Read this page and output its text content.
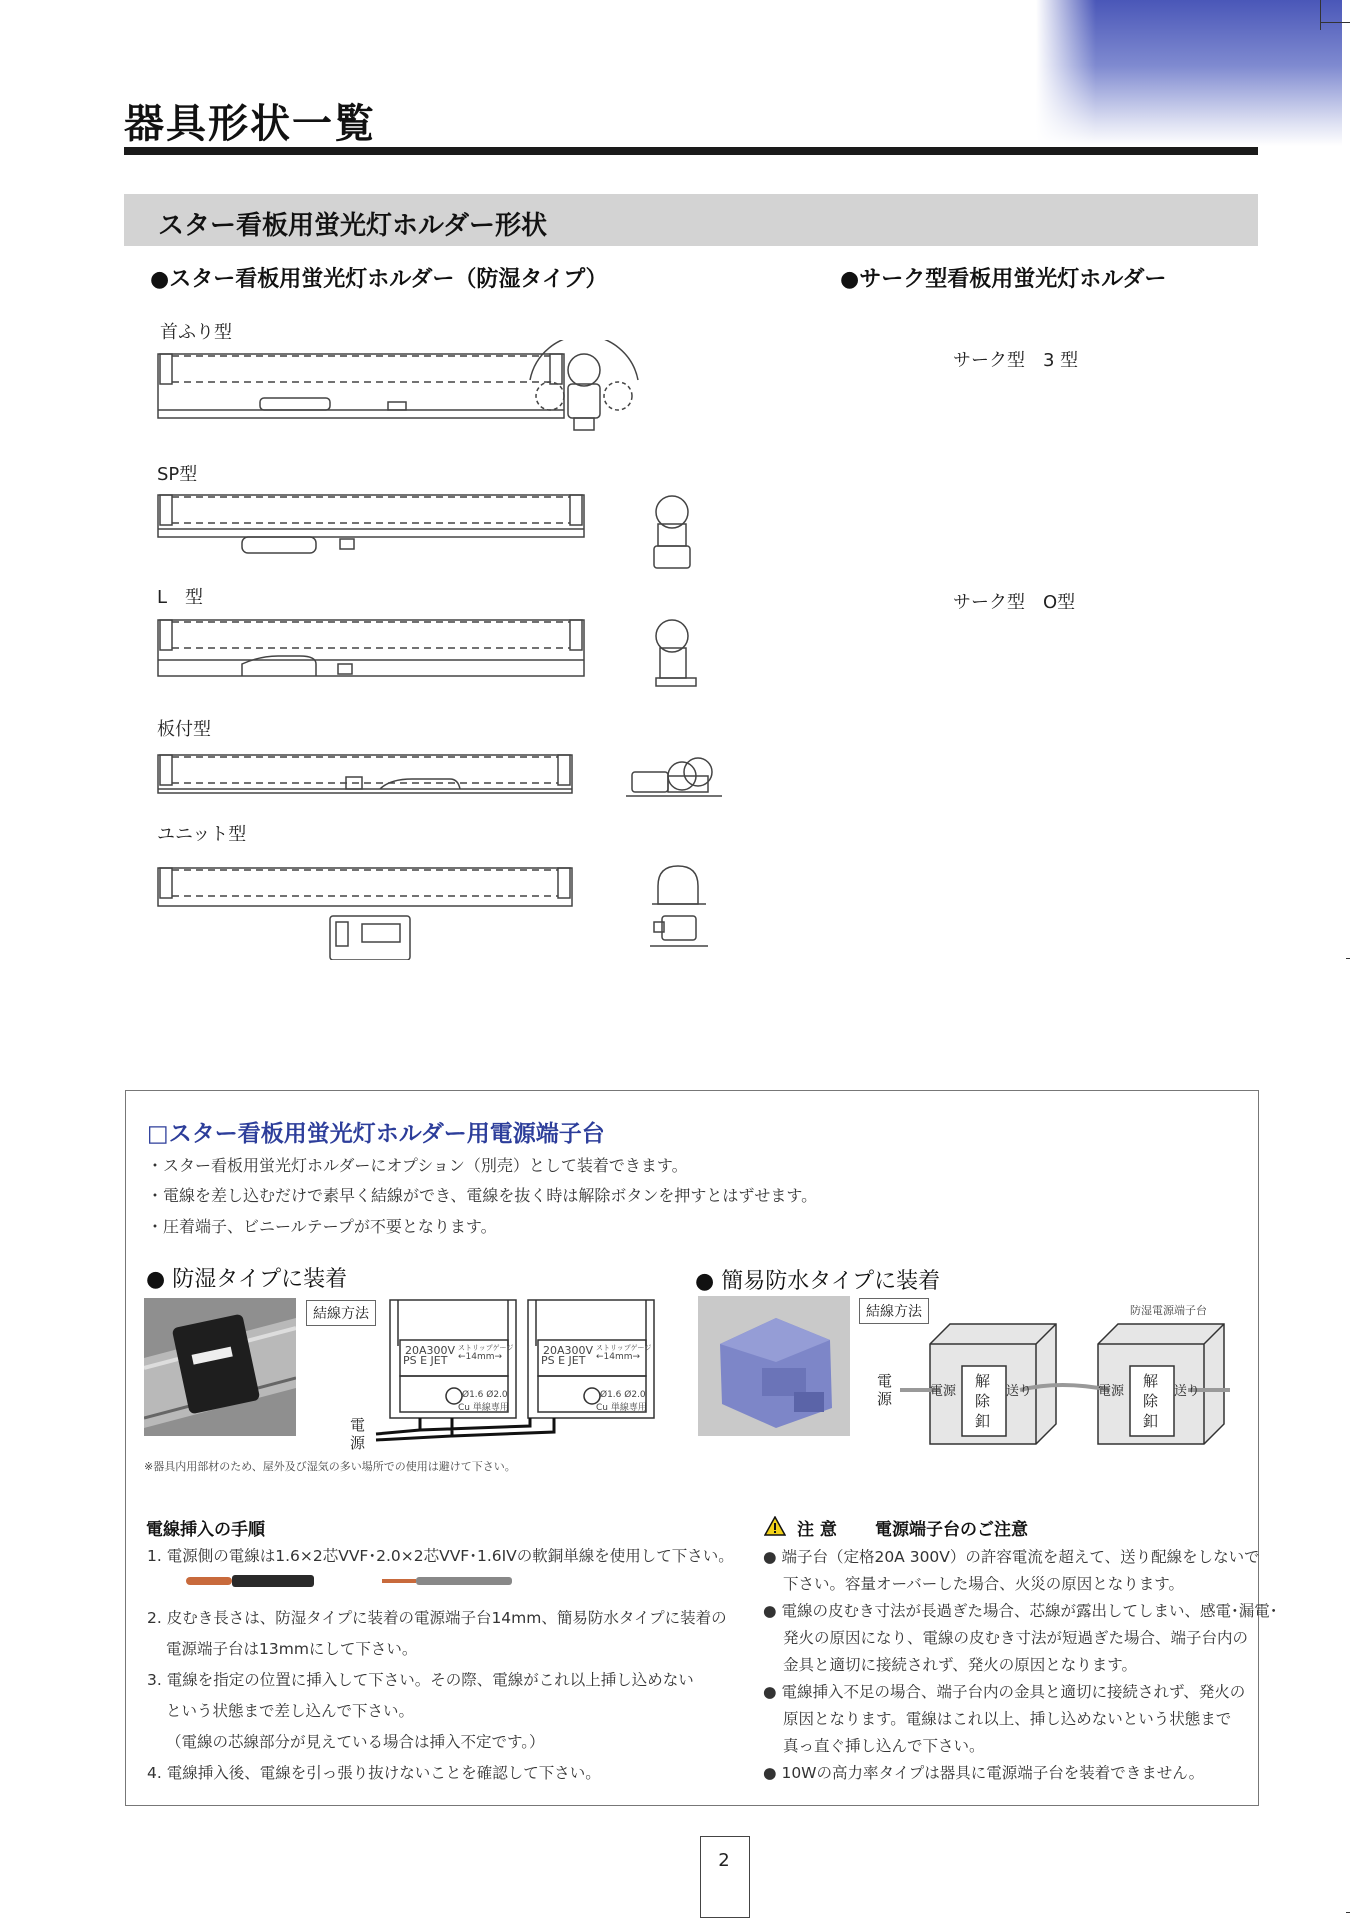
器具形状一覧
スター看板用蛍光灯ホルダー形状
●スター看板用蛍光灯ホルダー（防湿タイプ）	●サーク型看板用蛍光灯ホルダー
首ふり型
SP型
L　型
板付型
ユニット型
サーク型　3 型
サーク型　O型
□スター看板用蛍光灯ホルダー用電源端子台
・スター看板用蛍光灯ホルダーにオプション（別売）として装着できます。
・電線を差し込むだけで素早く結線ができ、電線を抜く時は解除ボタンを押すとはずせます。
・圧着端子、ビニールテープが不要となります。
● 防湿タイプに装着	● 簡易防水タイプに装着
結線方法
20A300V
PS E JET
ストリップゲージ
←14mm→
Ø1.6 Ø2.0
Cu 単線専用
20A300V
PS E JET
ストリップゲージ
←14mm→
Ø1.6 Ø2.0
Cu 単線専用
電
源
※器具内用部材のため、屋外及び湿気の多い場所での使用は避けて下さい。
結線方法	防湿電源端子台
電
源	電源
解
除
釦
送り	電源
解
除
釦
送り
電線挿入の手順
1. 電源側の電線は1.6×2芯VVF･2.0×2芯VVF･1.6IVの軟銅単線を使用して下さい。
2. 皮むき長さは、防湿タイプに装着の電源端子台14mm、簡易防水タイプに装着の
電源端子台は13mmにして下さい。
3. 電線を指定の位置に挿入して下さい。その際、電線がこれ以上挿し込めない
という状態まで差し込んで下さい。
（電線の芯線部分が見えている場合は挿入不定です。）
4. 電線挿入後、電線を引っ張り抜けないことを確認して下さい。
注 意 電源端子台のご注意
● 端子台（定格20A 300V）の許容電流を超えて、送り配線をしないで
下さい。容量オーバーした場合、火災の原因となります。
● 電線の皮むき寸法が長過ぎた場合、芯線が露出してしまい、感電･漏電･
発火の原因になり、電線の皮むき寸法が短過ぎた場合、端子台内の
金具と適切に接続されず、発火の原因となります。
● 電線挿入不足の場合、端子台内の金具と適切に接続されず、発火の
原因となります。電線はこれ以上、挿し込めないという状態まで
真っ直ぐ挿し込んで下さい。
● 10Wの高力率タイプは器具に電源端子台を装着できません。
2
